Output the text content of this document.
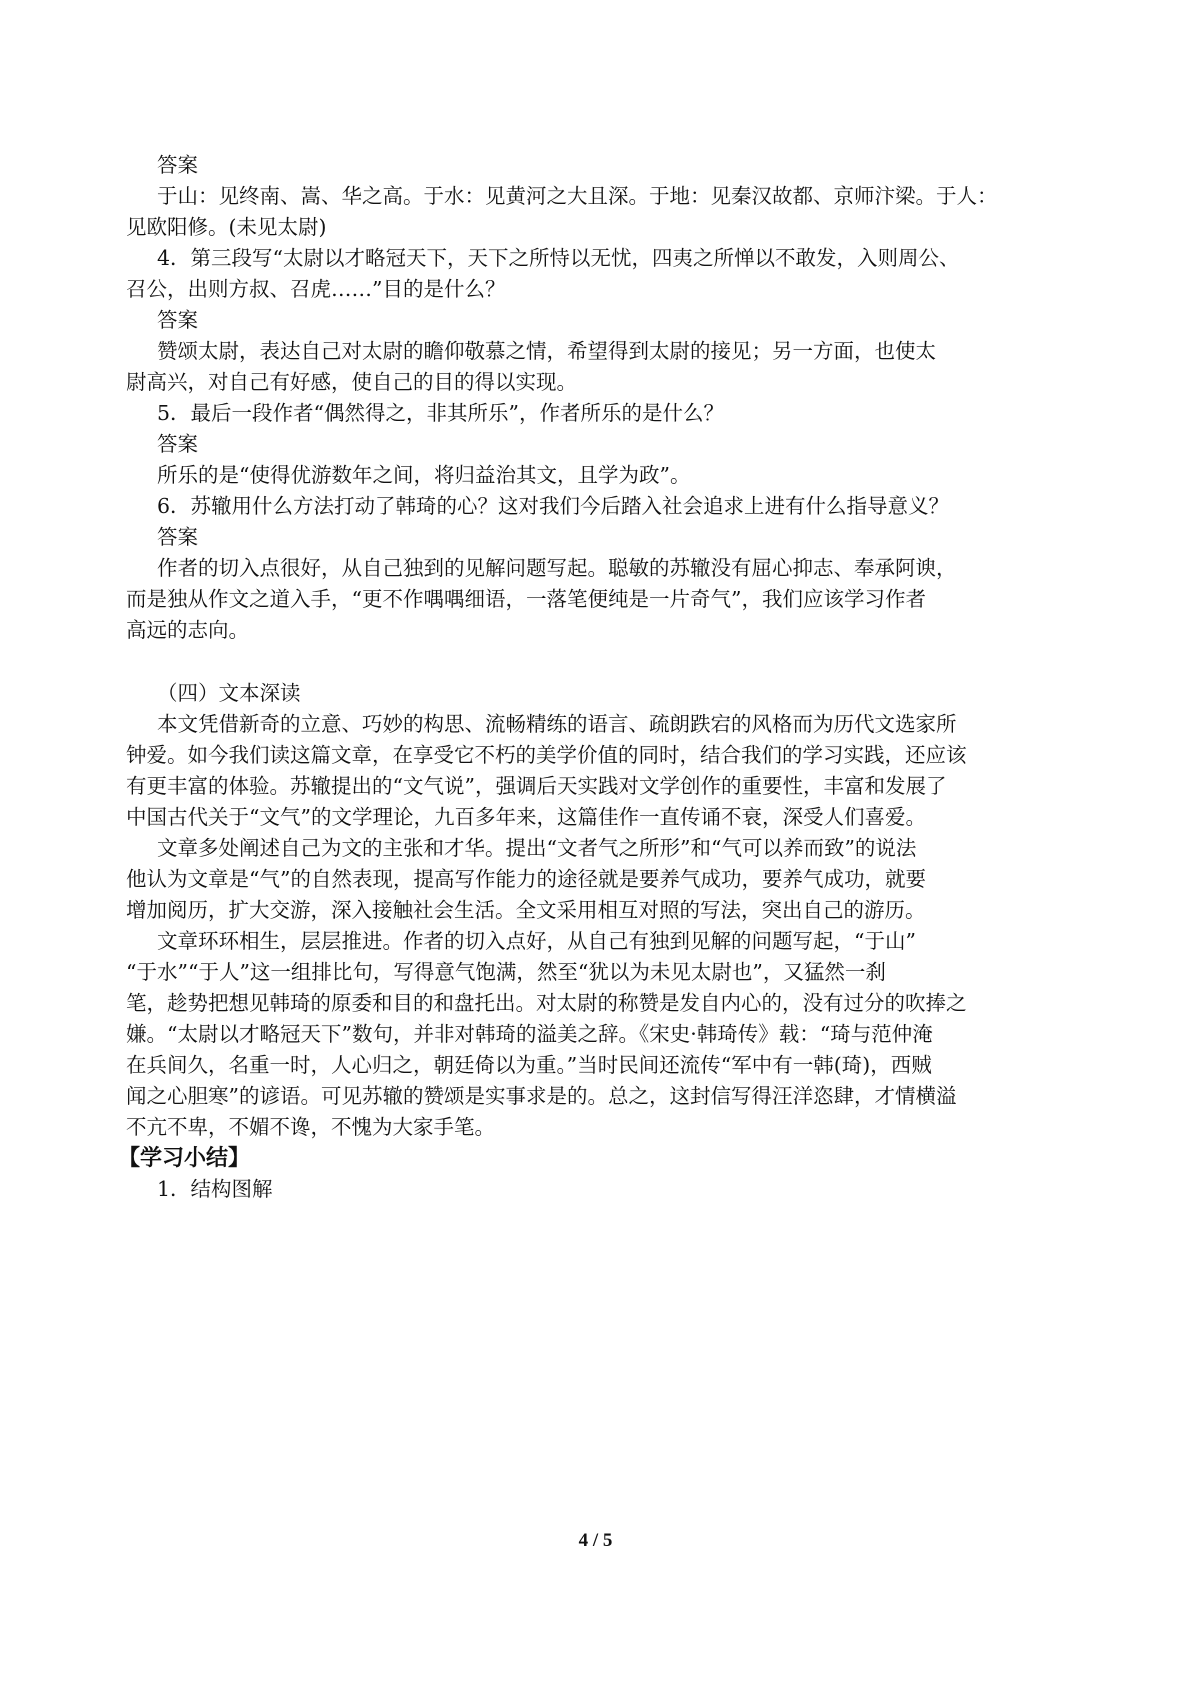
答案
于山：见终南、嵩、华之高。于水：见黄河之大且深。于地：见秦汉故都、京师汴梁。于人：
见欧阳修。(未见太尉)
4．第三段写“太尉以才略冠天下，天下之所恃以无忧，四夷之所惮以不敢发，入则周公、
召公，出则方叔、召虎……”目的是什么？
答案
赞颂太尉，表达自己对太尉的瞻仰敬慕之情，希望得到太尉的接见；另一方面，也使太
尉高兴，对自己有好感，使自己的目的得以实现。
5．最后一段作者“偶然得之，非其所乐”，作者所乐的是什么？
答案
所乐的是“使得优游数年之间，将归益治其文，且学为政”。
6．苏辙用什么方法打动了韩琦的心？这对我们今后踏入社会追求上进有什么指导意义？
答案
作者的切入点很好，从自己独到的见解问题写起。聪敏的苏辙没有屈心抑志、奉承阿谀，
而是独从作文之道入手，“更不作喁喁细语，一落笔便纯是一片奇气”，我们应该学习作者
高远的志向。
（四）文本深读
本文凭借新奇的立意、巧妙的构思、流畅精练的语言、疏朗跌宕的风格而为历代文选家所
钟爱。如今我们读这篇文章，在享受它不朽的美学价值的同时，结合我们的学习实践，还应该
有更丰富的体验。苏辙提出的“文气说”，强调后天实践对文学创作的重要性，丰富和发展了
中国古代关于“文气”的文学理论，九百多年来，这篇佳作一直传诵不衰，深受人们喜爱。
文章多处阐述自己为文的主张和才华。提出“文者气之所形”和“气可以养而致”的说法
他认为文章是“气”的自然表现，提高写作能力的途径就是要养气成功，要养气成功，就要
增加阅历，扩大交游，深入接触社会生活。全文采用相互对照的写法，突出自己的游历。
文章环环相生，层层推进。作者的切入点好，从自己有独到见解的问题写起，“于山”
“于水”“于人”这一组排比句，写得意气饱满，然至“犹以为未见太尉也”，又猛然一刹
笔，趁势把想见韩琦的原委和目的和盘托出。对太尉的称赞是发自内心的，没有过分的吹捧之
嫌。“太尉以才略冠天下”数句，并非对韩琦的溢美之辞。《宋史·韩琦传》载：“琦与范仲淹
在兵间久，名重一时，人心归之，朝廷倚以为重。”当时民间还流传“军中有一韩(琦)，西贼
闻之心胆寒”的谚语。可见苏辙的赞颂是实事求是的。总之，这封信写得汪洋恣肆，才情横溢
不亢不卑，不媚不谗，不愧为大家手笔。
【学习小结】
1．结构图解
4 / 5
